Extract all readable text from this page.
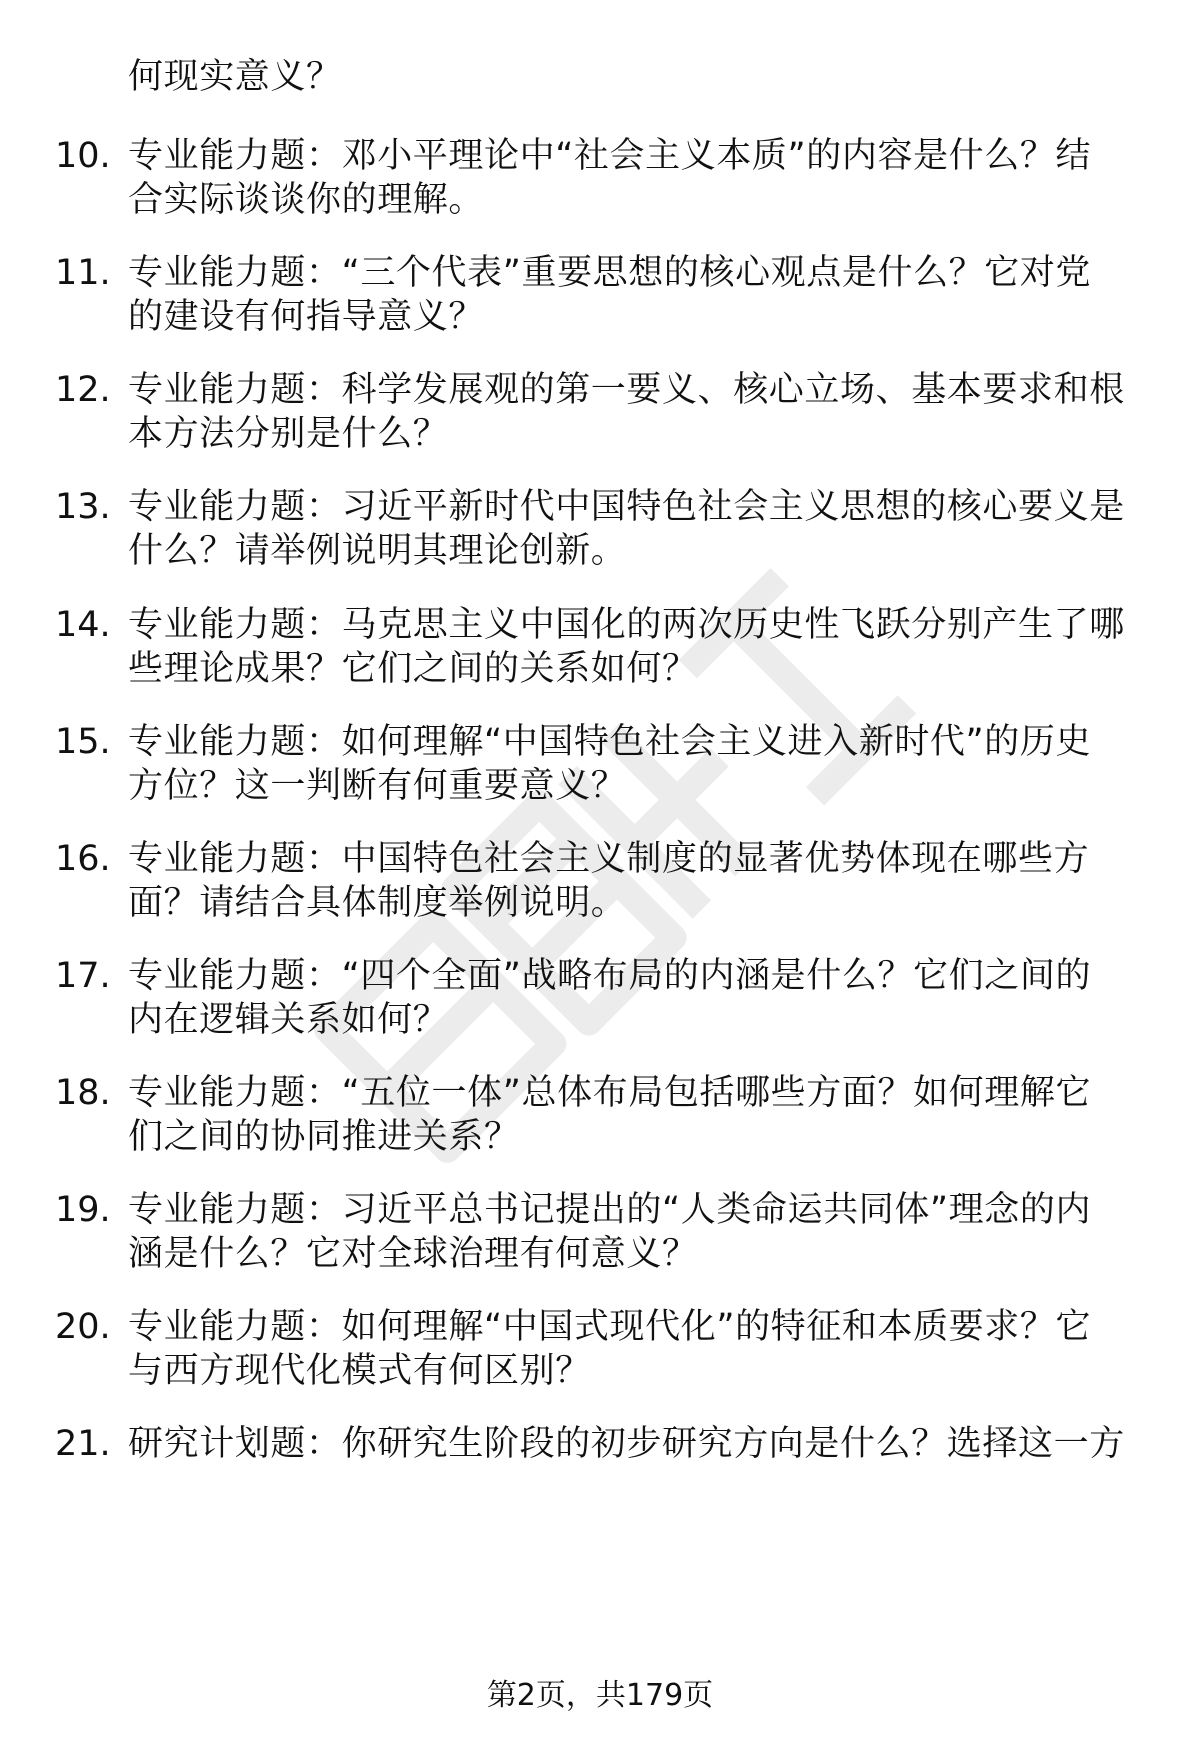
何现实意义？
10. 专业能力题：邓小平理论中“社会主义本质”的内容是什么？结
合实际谈谈你的理解。
11. 专业能力题：“三个代表”重要思想的核心观点是什么？它对党
的建设有何指导意义？
12. 专业能力题：科学发展观的第一要义、核心立场、基本要求和根
本方法分别是什么？
13. 专业能力题：习近平新时代中国特色社会主义思想的核心要义是
什么？请举例说明其理论创新。
14. 专业能力题：马克思主义中国化的两次历史性飞跃分别产生了哪
些理论成果？它们之间的关系如何？
15. 专业能力题：如何理解“中国特色社会主义进入新时代”的历史
方位？这一判断有何重要意义？
16. 专业能力题：中国特色社会主义制度的显著优势体现在哪些方
面？请结合具体制度举例说明。
17. 专业能力题：“四个全面”战略布局的内涵是什么？它们之间的
内在逻辑关系如何？
18. 专业能力题：“五位一体”总体布局包括哪些方面？如何理解它
们之间的协同推进关系？
19. 专业能力题：习近平总书记提出的“人类命运共同体”理念的内
涵是什么？它对全球治理有何意义？
20. 专业能力题：如何理解“中国式现代化”的特征和本质要求？它
与西方现代化模式有何区别？
21. 研究计划题：你研究生阶段的初步研究方向是什么？选择这一方
第2页，共179页
